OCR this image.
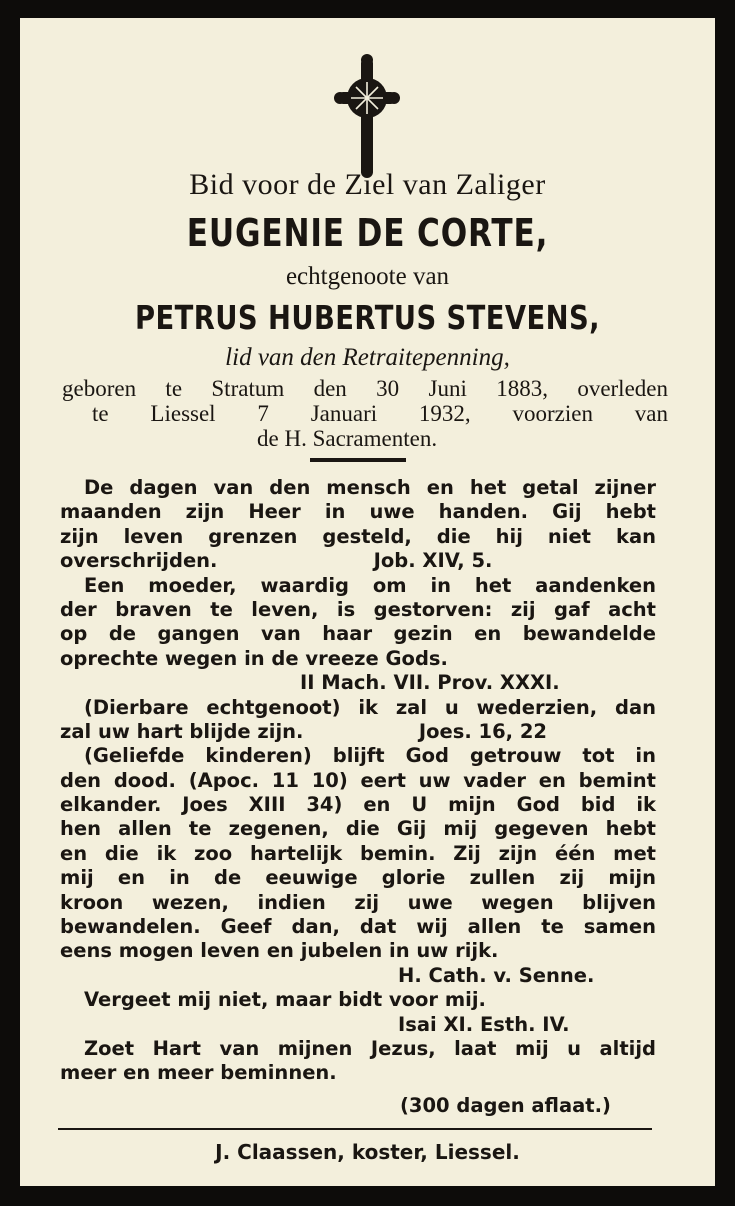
Bid voor de Ziel van Zaliger
EUGENIE DE CORTE,
echtgenoote van
PETRUS HUBERTUS STEVENS,
lid van den Retraitepenning,
geboren te Stratum den 30 Juni 1883, overleden
te Liessel 7 Januari 1932, voorzien van
de H. Sacramenten.
De dagen van den mensch en het getal zijner
maanden zijn Heer in uwe handen. Gij hebt
zijn leven grenzen gesteld, die hij niet kan
overschrijden.                       Job. XIV, 5.
Een moeder, waardig om in het aandenken
der braven te leven, is gestorven: zij gaf acht
op de gangen van haar gezin en bewandelde
oprechte wegen in de vreeze Gods.
II Mach. VII. Prov. XXXI.
(Dierbare echtgenoot) ik zal u wederzien, dan
zal uw hart blijde zijn.                 Joes. 16, 22
(Geliefde kinderen) blijft God getrouw tot in
den dood. (Apoc. 11 10) eert uw vader en bemint
elkander. Joes XIII 34) en U mijn God bid ik
hen allen te zegenen, die Gij mij gegeven hebt
en die ik zoo hartelijk bemin. Zij zijn één met
mij en in de eeuwige glorie zullen zij mijn
kroon wezen, indien zij uwe wegen blijven
bewandelen. Geef dan, dat wij allen te samen
eens mogen leven en jubelen in uw rijk.
H. Cath. v. Senne.
Vergeet mij niet, maar bidt voor mij.
Isai XI. Esth. IV.
Zoet Hart van mijnen Jezus, laat mij u altijd
meer en meer beminnen.
(300 dagen aflaat.)
J. Claassen, koster, Liessel.
